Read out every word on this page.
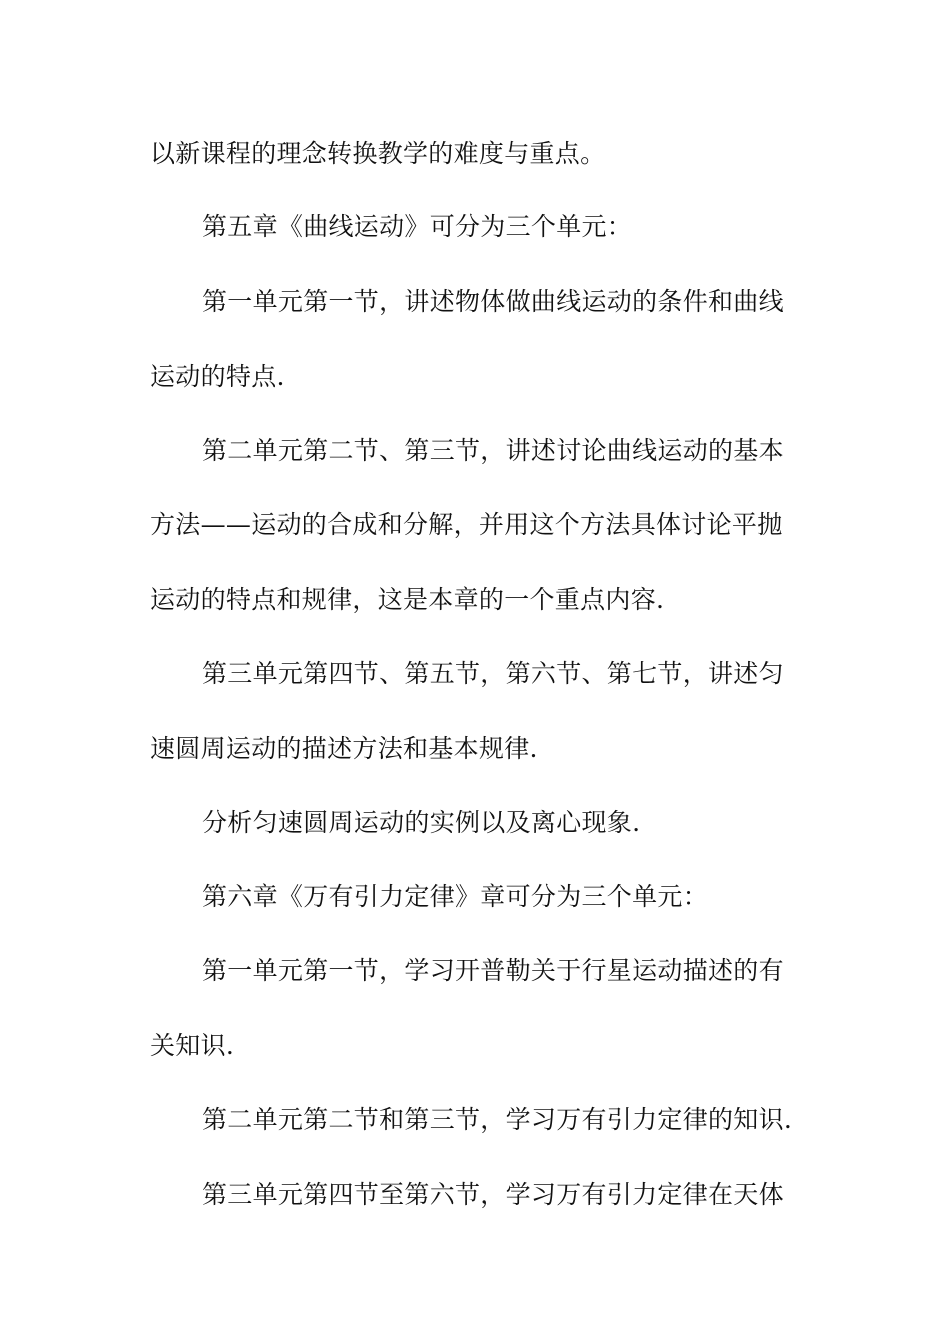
以新课程的理念转换教学的难度与重点。
第五章《曲线运动》可分为三个单元：
第一单元第一节，讲述物体做曲线运动的条件和曲线
运动的特点.
第二单元第二节、第三节，讲述讨论曲线运动的基本
方法——运动的合成和分解，并用这个方法具体讨论平抛
运动的特点和规律，这是本章的一个重点内容.
第三单元第四节、第五节，第六节、第七节，讲述匀
速圆周运动的描述方法和基本规律.
分析匀速圆周运动的实例以及离心现象.
第六章《万有引力定律》章可分为三个单元：
第一单元第一节，学习开普勒关于行星运动描述的有
关知识.
第二单元第二节和第三节，学习万有引力定律的知识.
第三单元第四节至第六节，学习万有引力定律在天体
